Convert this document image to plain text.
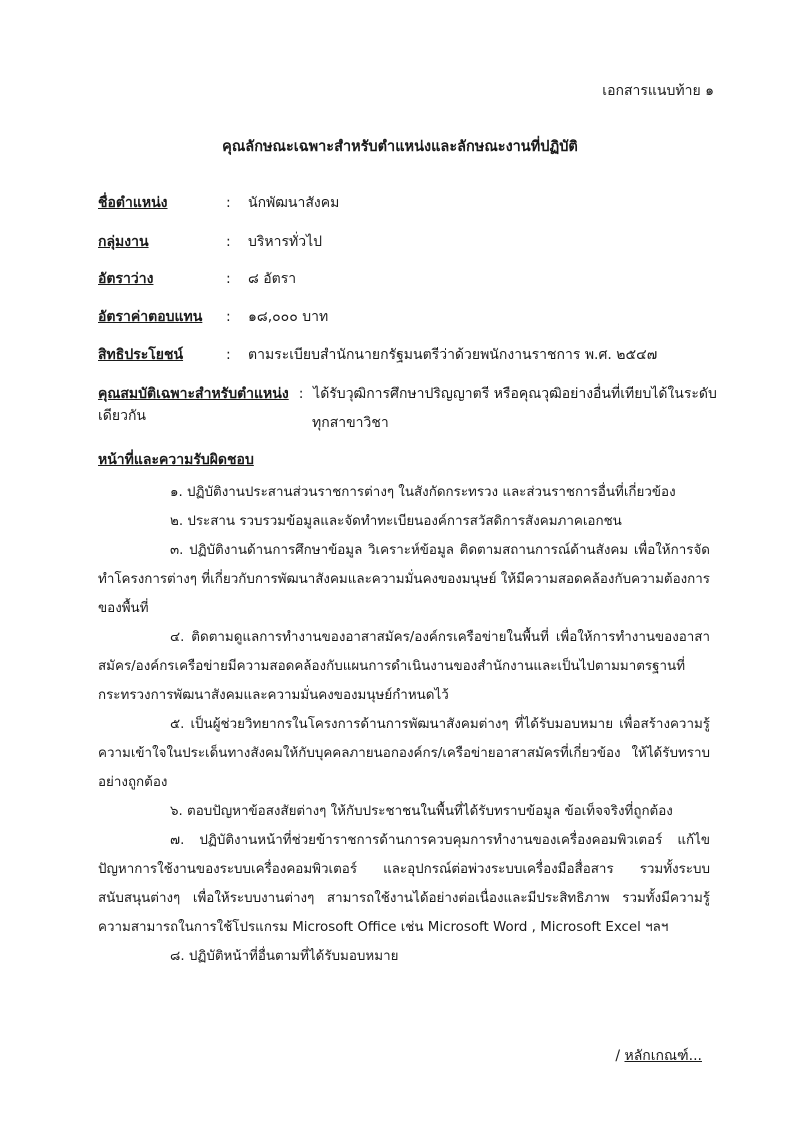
เอกสารแนบท้าย ๑
คุณลักษณะเฉพาะสำหรับตำแหน่งและลักษณะงานที่ปฏิบัติ
ชื่อตำแหน่ง	: นักพัฒนาสังคม
กลุ่มงาน	: บริหารทั่วไป
อัตราว่าง	: ๘ อัตรา
อัตราค่าตอบแทน : ๑๘,๐๐๐ บาท
สิทธิประโยชน์	: ตามระเบียบสำนักนายกรัฐมนตรีว่าด้วยพนักงานราชการ พ.ศ. ๒๕๔๗
คุณสมบัติเฉพาะสำหรับตำแหน่ง : ได้รับวุฒิการศึกษาปริญญาตรี หรือคุณวุฒิอย่างอื่นที่เทียบได้ในระดับเดียวกัน	ทุกสาขาวิชา
หน้าที่และความรับผิดชอบ

๑. ปฏิบัติงานประสานส่วนราชการต่างๆ ในสังกัดกระทรวง และส่วนราชการอื่นที่เกี่ยวข้อง

๒. ประสาน รวบรวมข้อมูลและจัดทำทะเบียนองค์การสวัสดิการสังคมภาคเอกชน

๓. ปฏิบัติงานด้านการศึกษาข้อมูล วิเคราะห์ข้อมูล ติดตามสถานการณ์ด้านสังคม เพื่อให้การจัดทำโครงการต่างๆ ที่เกี่ยวกับการพัฒนาสังคมและความมั่นคงของมนุษย์ ให้มีความสอดคล้องกับความต้องการของพื้นที่

๔. ติดตามดูแลการทำงานของอาสาสมัคร/องค์กรเครือข่ายในพื้นที่ เพื่อให้การทำงานของอาสาสมัคร/องค์กรเครือข่ายมีความสอดคล้องกับแผนการดำเนินงานของสำนักงานและเป็นไปตามมาตรฐานที่กระทรวงการพัฒนาสังคมและความมั่นคงของมนุษย์กำหนดไว้

๕. เป็นผู้ช่วยวิทยากรในโครงการด้านการพัฒนาสังคมต่างๆ ที่ได้รับมอบหมาย เพื่อสร้างความรู้ความเข้าใจในประเด็นทางสังคมให้กับบุคคลภายนอกองค์กร/เครือข่ายอาสาสมัครที่เกี่ยวข้อง ให้ได้รับทราบอย่างถูกต้อง

๖. ตอบปัญหาข้อสงสัยต่างๆ ให้กับประชาชนในพื้นที่ได้รับทราบข้อมูล ข้อเท็จจริงที่ถูกต้อง

๗. ปฏิบัติงานหน้าที่ช่วยข้าราชการด้านการควบคุมการทำงานของเครื่องคอมพิวเตอร์ แก้ไขปัญหาการใช้งานของระบบเครื่องคอมพิวเตอร์ และอุปกรณ์ต่อพ่วงระบบเครื่องมือสื่อสาร รวมทั้งระบบสนับสนุนต่างๆ เพื่อให้ระบบงานต่างๆ สามารถใช้งานได้อย่างต่อเนื่องและมีประสิทธิภาพ รวมทั้งมีความรู้ ความสามารถในการใช้โปรแกรม Microsoft Office เช่น Microsoft Word , Microsoft Excel ฯลฯ

๘. ปฏิบัติหน้าที่อื่นตามที่ได้รับมอบหมาย

/ หลักเกณฑ์...
